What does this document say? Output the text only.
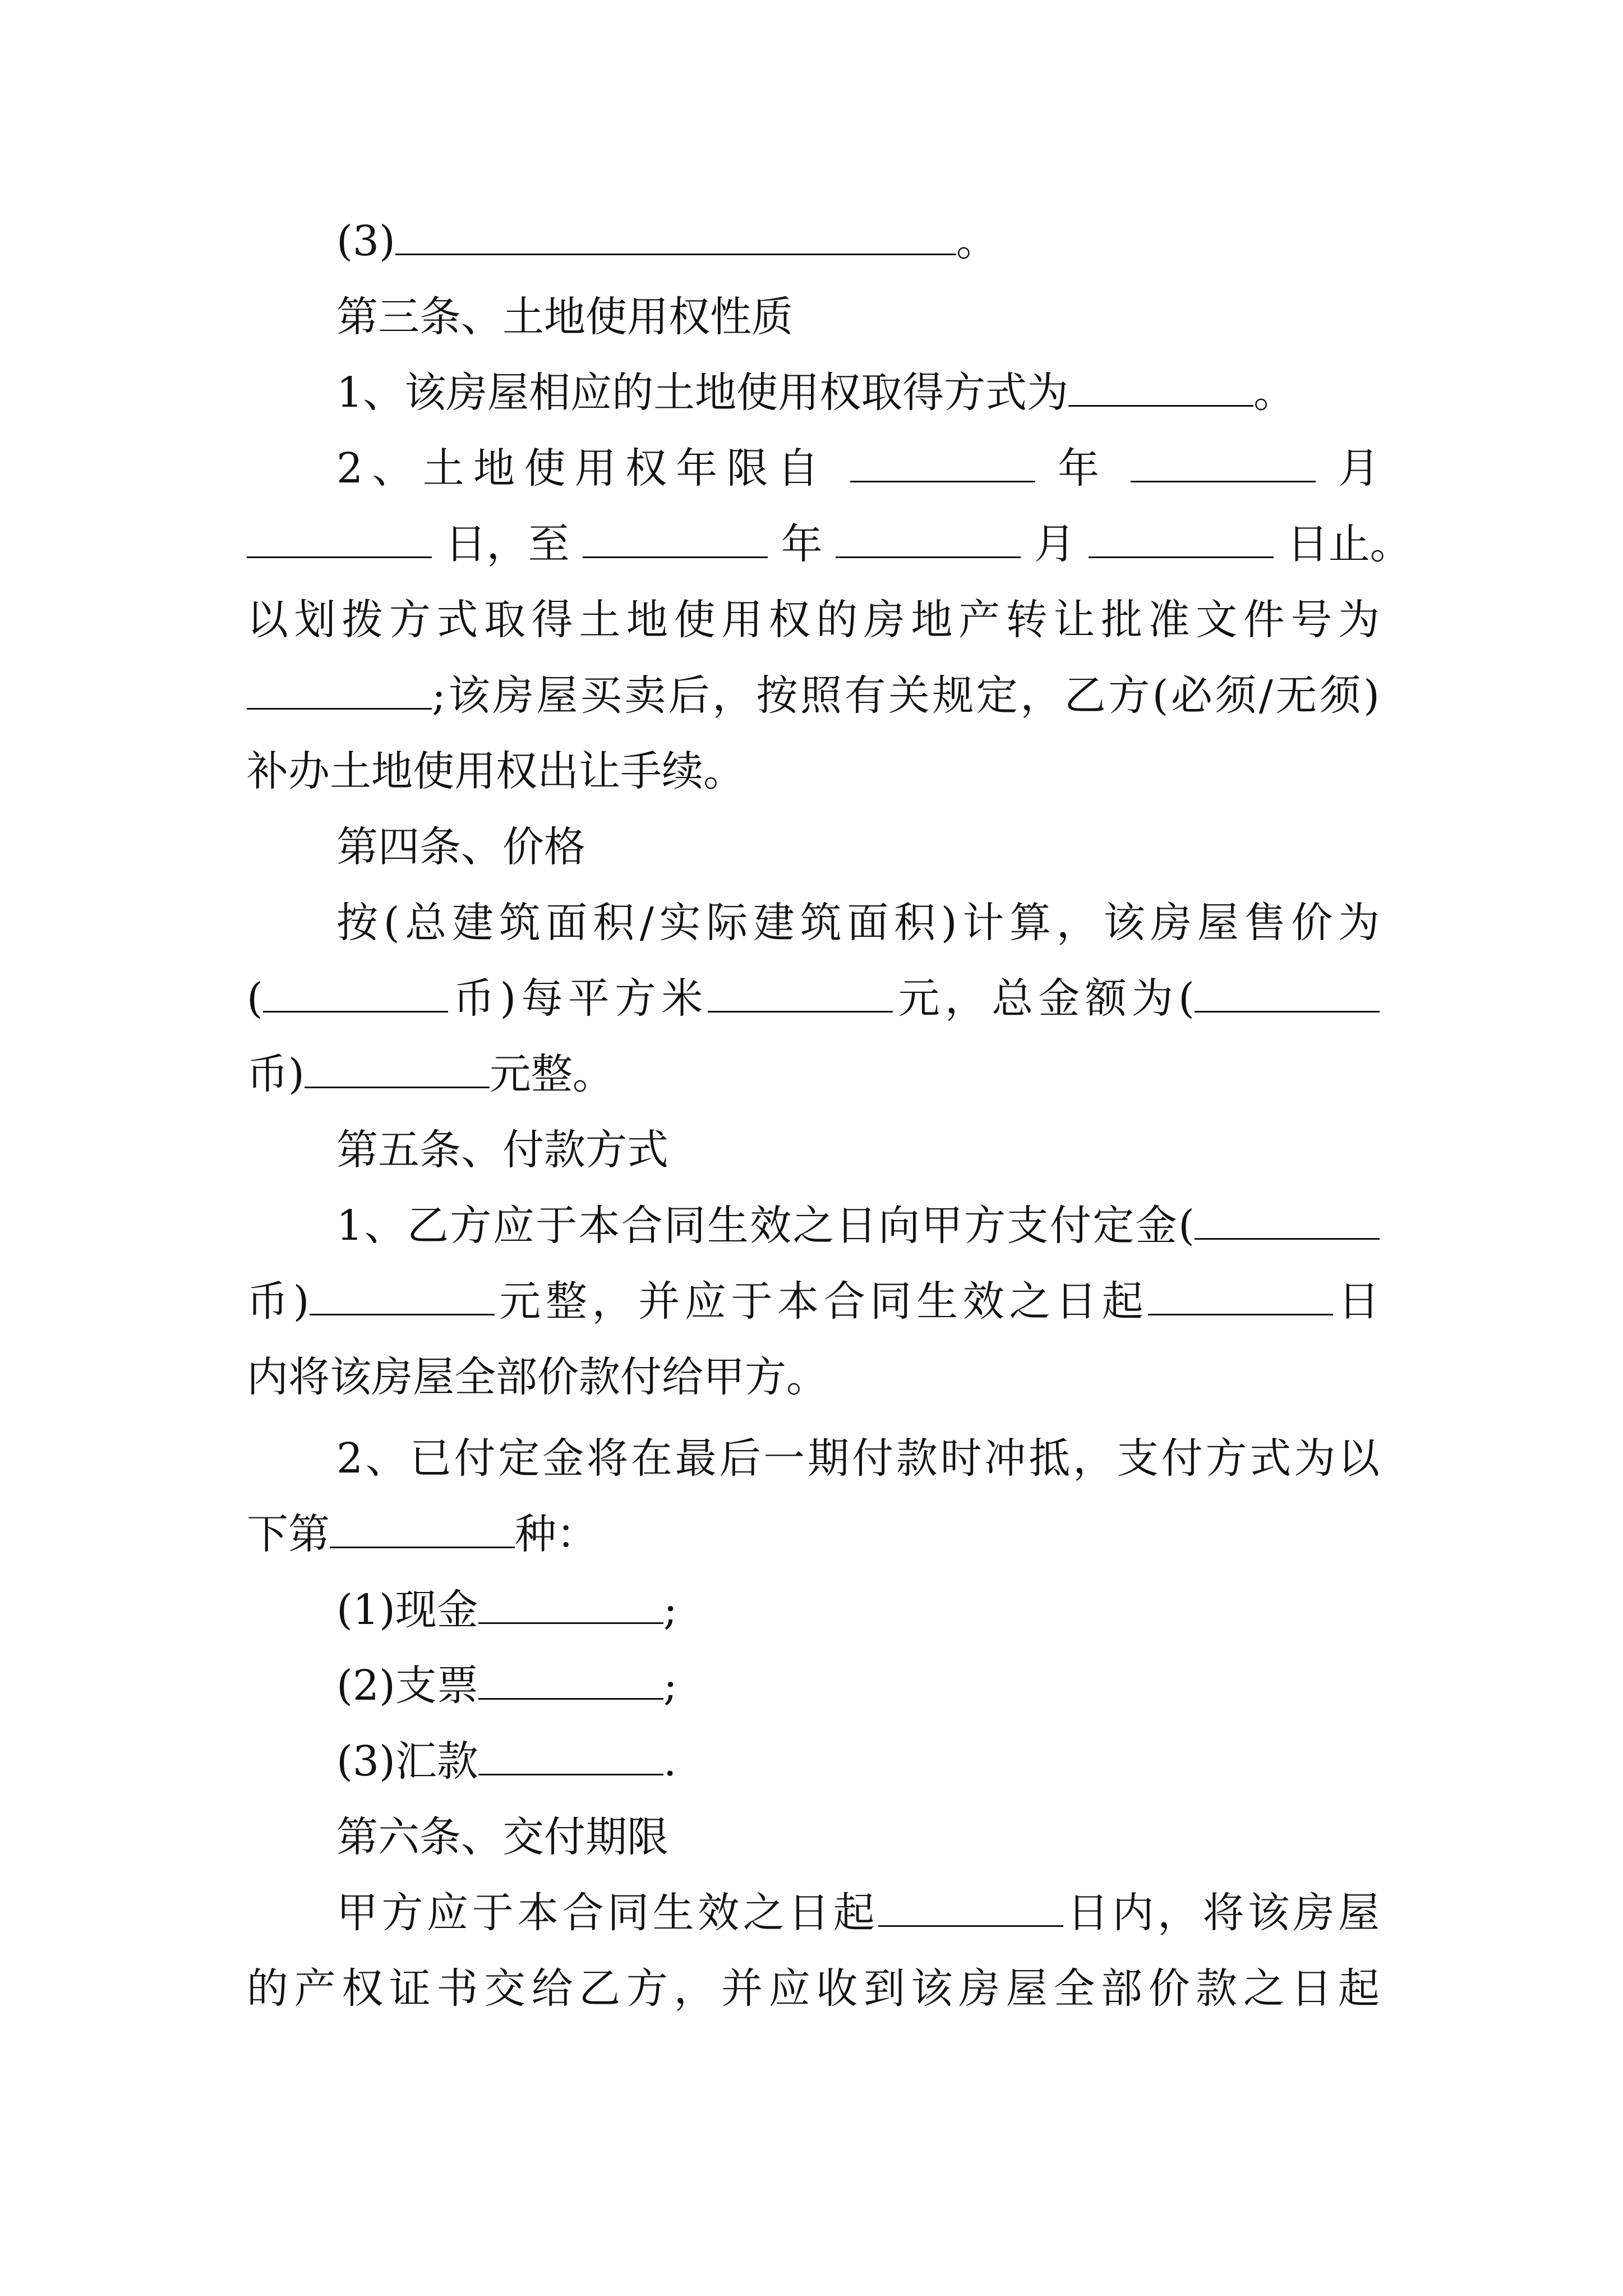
(3)	。
第三条、土地使用权性质
1、该房屋相应的土地使用权取得方式为	。
2、土地使用权年限自	年	月
日，至	年	月	日止。
以划拨方式取得土地使用权的房地产转让批准文件号为
;该房屋买卖后，按照有关规定，乙方(必须/无须)
补办土地使用权出让手续。
第四条、价格
按(总建筑面积/实际建筑面积)计算，该房屋售价为
(	币)每平方米	元，总金额为(
币)	元整。
第五条、付款方式
1、乙方应于本合同生效之日向甲方支付定金(
币)	元整，并应于本合同生效之日起	日
内将该房屋全部价款付给甲方。
2、已付定金将在最后一期付款时冲抵，支付方式为以
下第	种：
(1)现金	;
(2)支票	;
(3)汇款	.
第六条、交付期限
甲方应于本合同生效之日起	日内，将该房屋
的产权证书交给乙方，并应收到该房屋全部价款之日起
